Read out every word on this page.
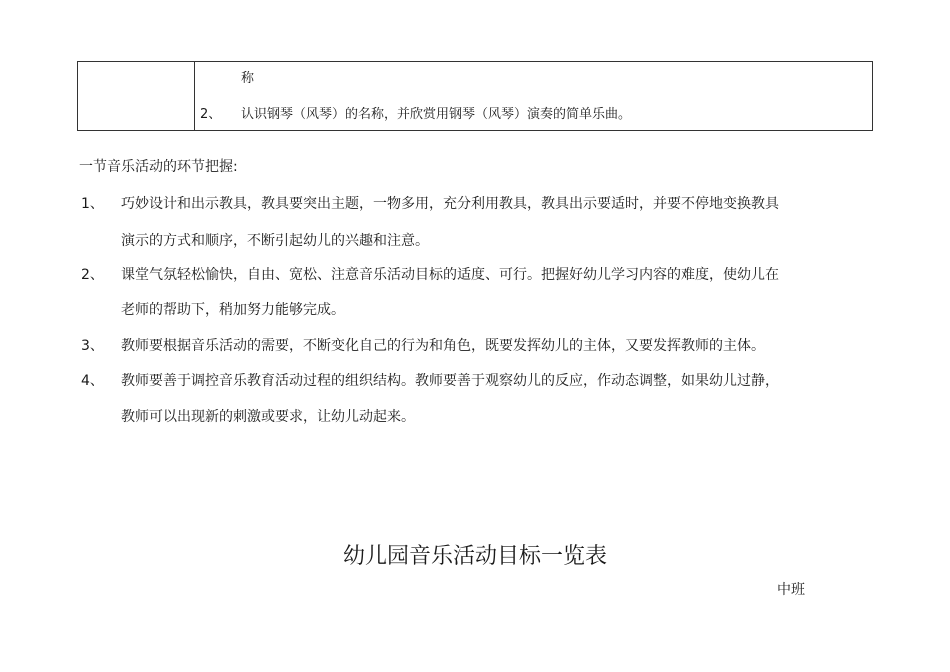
称
2、 认识钢琴（风琴）的名称，并欣赏用钢琴（风琴）演奏的简单乐曲。
一节音乐活动的环节把握:
1、 巧妙设计和出示教具，教具要突出主题，一物多用，充分利用教具，教具出示要适时，并要不停地变换教具
演示的方式和顺序，不断引起幼儿的兴趣和注意。
2、 课堂气氛轻松愉快，自由、宽松、注意音乐活动目标的适度、可行。把握好幼儿学习内容的难度，使幼儿在
老师的帮助下，稍加努力能够完成。
3、 教师要根据音乐活动的需要，不断变化自己的行为和角色，既要发挥幼儿的主体，又要发挥教师的主体。
4、 教师要善于调控音乐教育活动过程的组织结构。教师要善于观察幼儿的反应，作动态调整，如果幼儿过静，
教师可以出现新的刺激或要求，让幼儿动起来。
幼儿园音乐活动目标一览表
中班
